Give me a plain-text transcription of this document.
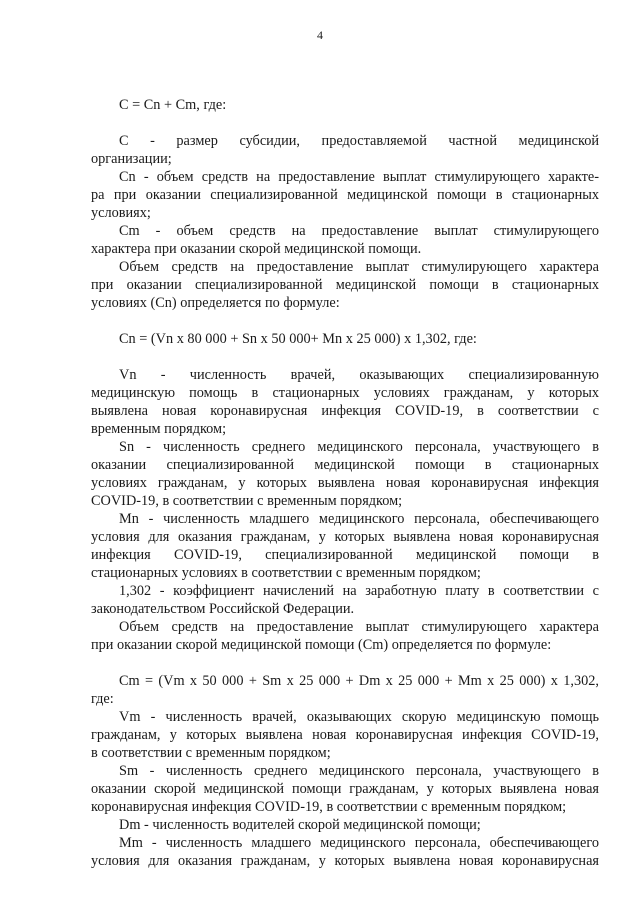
4
C = Cn + Cm, где:
С - размер субсидии, предоставляемой частной медицинской
организации;
Cn - объем средств на предоставление выплат стимулирующего характе-
ра при оказании специализированной медицинской помощи в стационарных
условиях;
Cm - объем средств на предоставление выплат стимулирующего
характера при оказании скорой медицинской помощи.
Объем средств на предоставление выплат стимулирующего характера
при оказании специализированной медицинской помощи в стационарных
условиях (Cn) определяется по формуле:
Cn = (Vn х 80 000 + Sn х 50 000+ Mn х 25 000) х 1,302, где:
Vn - численность врачей, оказывающих специализированную
медицинскую помощь в стационарных условиях гражданам, у которых
выявлена новая коронавирусная инфекция COVID-19, в соответствии с
временным порядком;
Sn - численность среднего медицинского персонала, участвующего в
оказании специализированной медицинской помощи в стационарных
условиях гражданам, у которых выявлена новая коронавирусная инфекция
COVID-19, в соответствии с временным порядком;
Mn - численность младшего медицинского персонала, обеспечивающего
условия для оказания гражданам, у которых выявлена новая коронавирусная
инфекция COVID-19, специализированной медицинской помощи в
стационарных условиях в соответствии с временным порядком;
1,302 - коэффициент начислений на заработную плату в соответствии с
законодательством Российской Федерации.
Объем средств на предоставление выплат стимулирующего характера
при оказании скорой медицинской помощи (Cm) определяется по формуле:
Cm = (Vm х 50 000 + Sm х 25 000 + Dm х 25 000 + Mm х 25 000) х 1,302,
где:
Vm - численность врачей, оказывающих скорую медицинскую помощь
гражданам, у которых выявлена новая коронавирусная инфекция COVID-19,
в соответствии с временным порядком;
Sm - численность среднего медицинского персонала, участвующего в
оказании скорой медицинской помощи гражданам, у которых выявлена новая
коронавирусная инфекция COVID-19, в соответствии с временным порядком;
Dm - численность водителей скорой медицинской помощи;
Mm - численность младшего медицинского персонала, обеспечивающего
условия для оказания гражданам, у которых выявлена новая коронавирусная
